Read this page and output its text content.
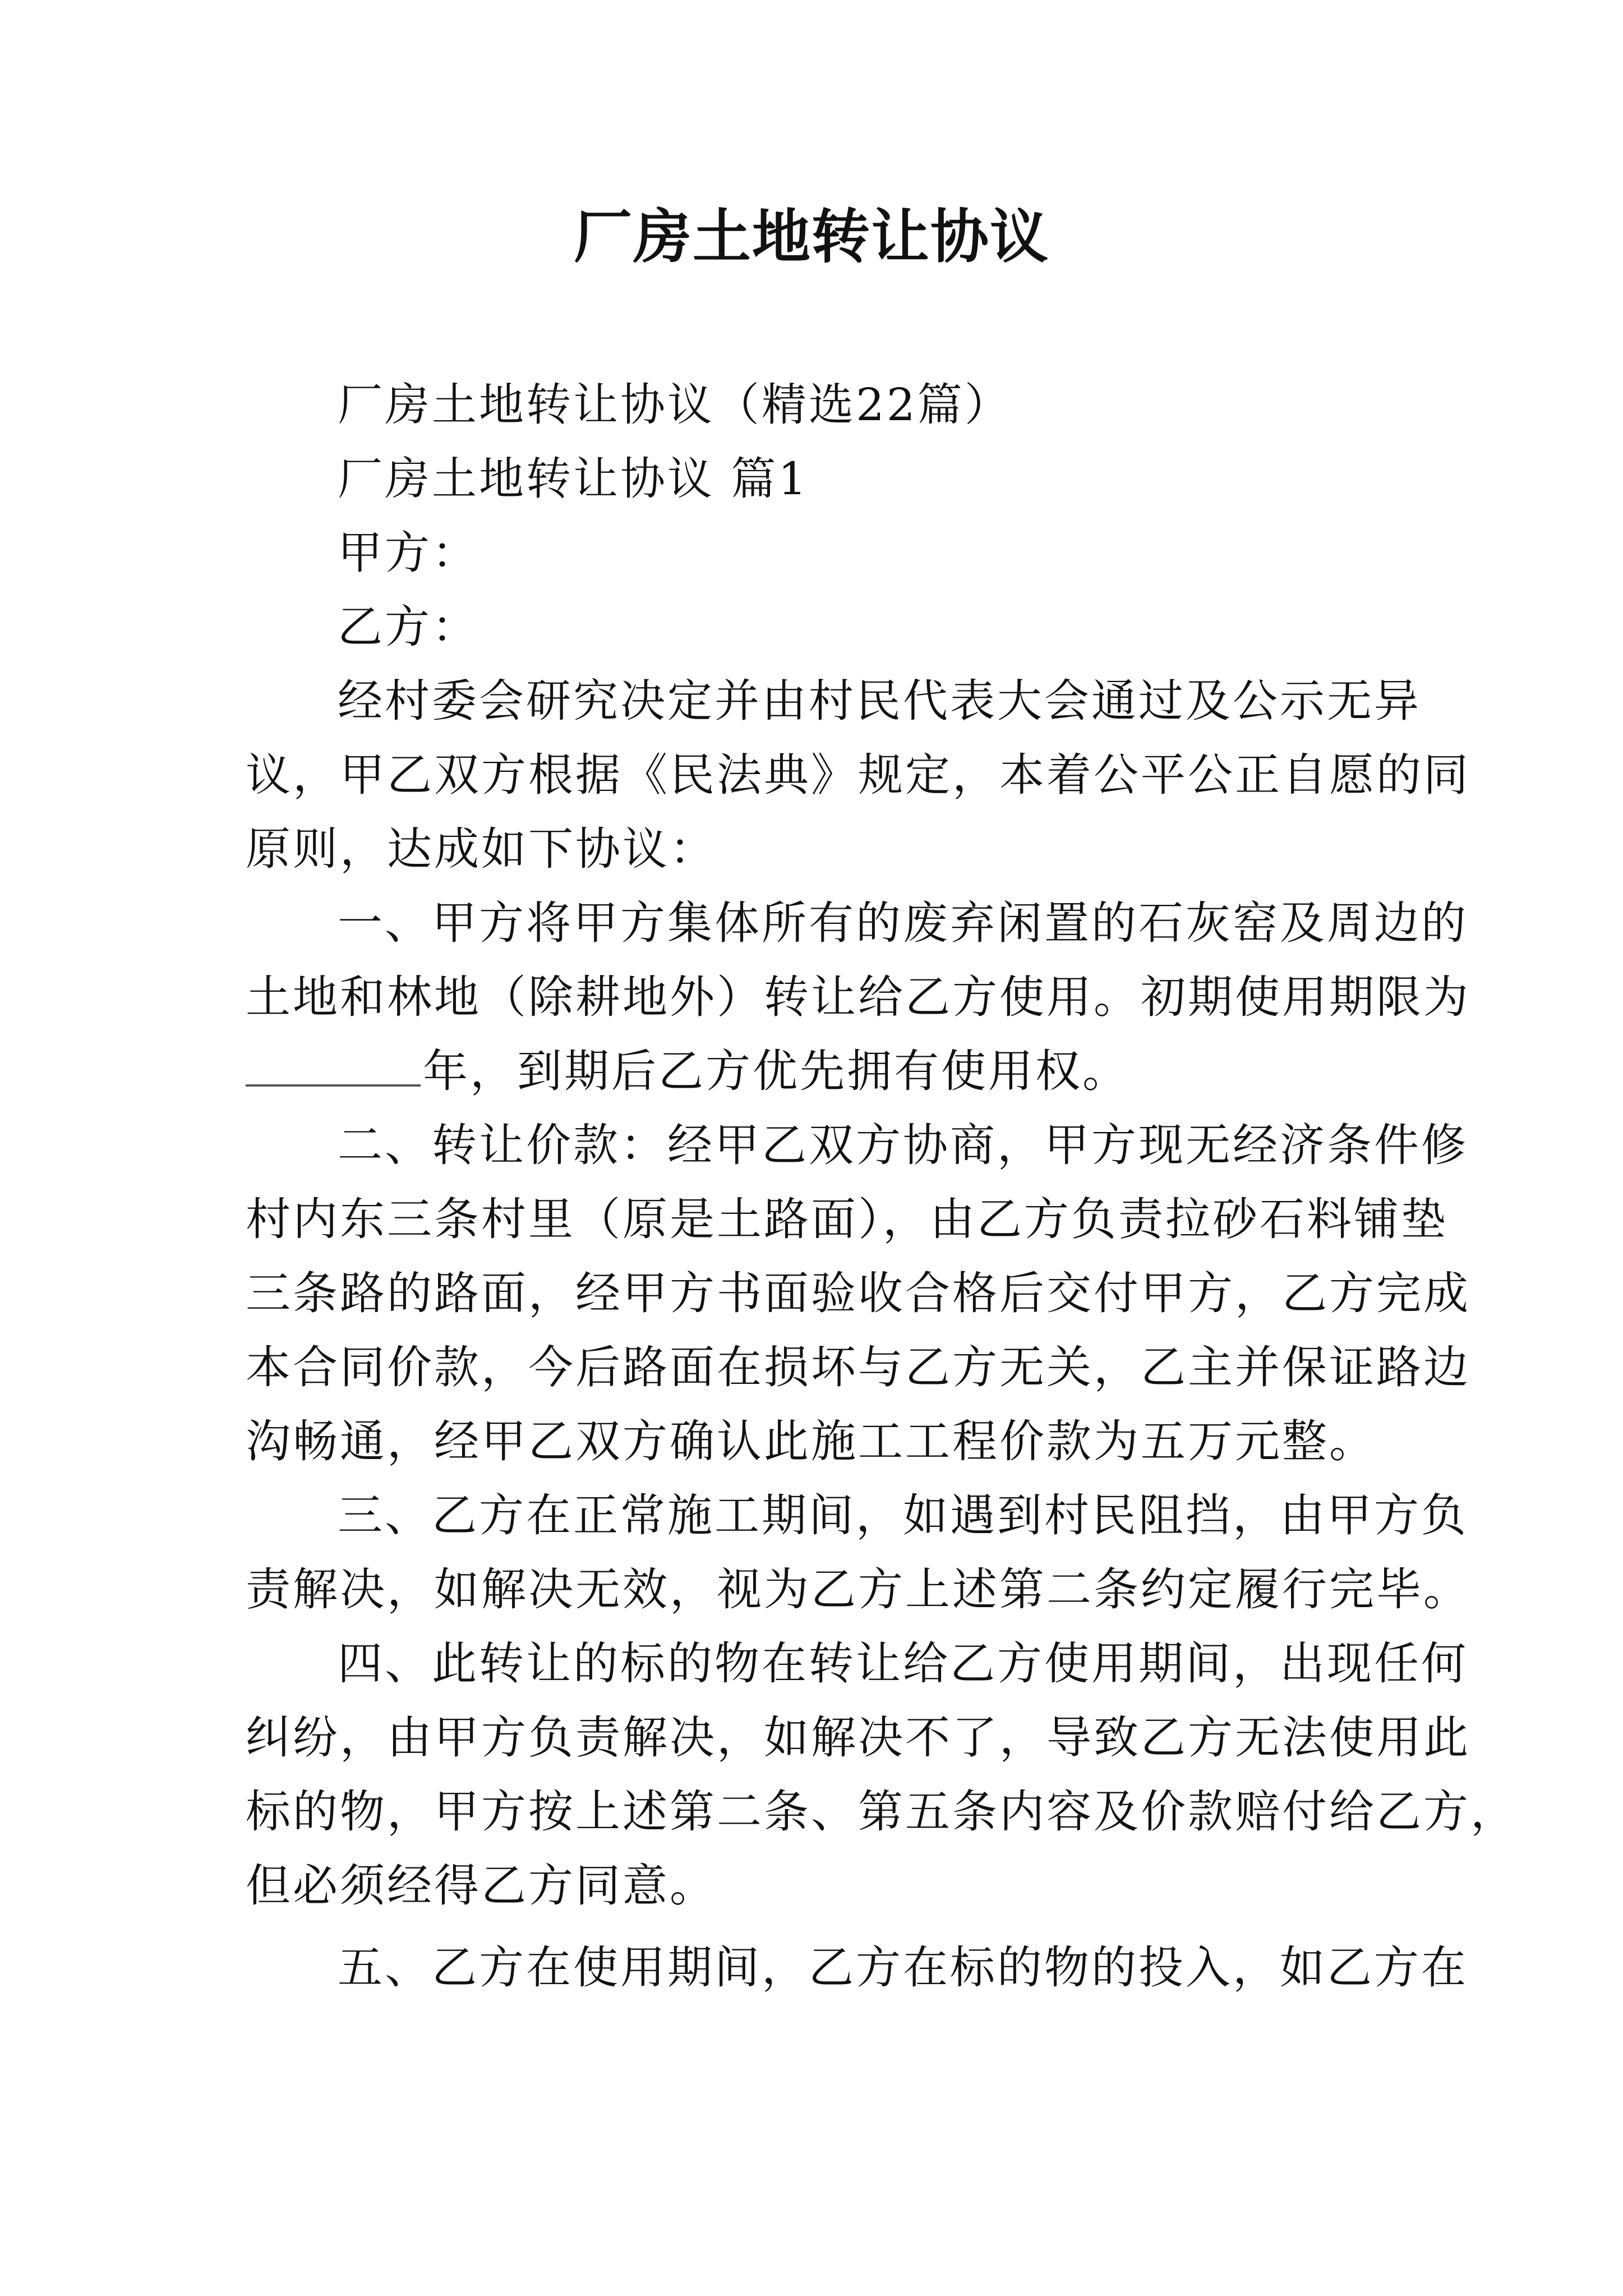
厂房土地转让协议
厂房土地转让协议（精选22篇）
厂房土地转让协议 篇1
甲方：
乙方：
经村委会研究决定并由村民代表大会通过及公示无异
议，甲乙双方根据《民法典》规定，本着公平公正自愿的同
原则，达成如下协议：
一、甲方将甲方集体所有的废弃闲置的石灰窑及周边的
土地和林地（除耕地外）转让给乙方使用。初期使用期限为
年，到期后乙方优先拥有使用权。
二、转让价款：经甲乙双方协商，甲方现无经济条件修
村内东三条村里（原是土路面），由乙方负责拉砂石料铺垫
三条路的路面，经甲方书面验收合格后交付甲方，乙方完成
本合同价款，今后路面在损坏与乙方无关，乙主并保证路边
沟畅通，经甲乙双方确认此施工工程价款为五万元整。
三、乙方在正常施工期间，如遇到村民阻挡，由甲方负
责解决，如解决无效，视为乙方上述第二条约定履行完毕。
四、此转让的标的物在转让给乙方使用期间，出现任何
纠纷，由甲方负责解决，如解决不了，导致乙方无法使用此
标的物，甲方按上述第二条、第五条内容及价款赔付给乙方，
但必须经得乙方同意。
五、乙方在使用期间，乙方在标的物的投入，如乙方在
